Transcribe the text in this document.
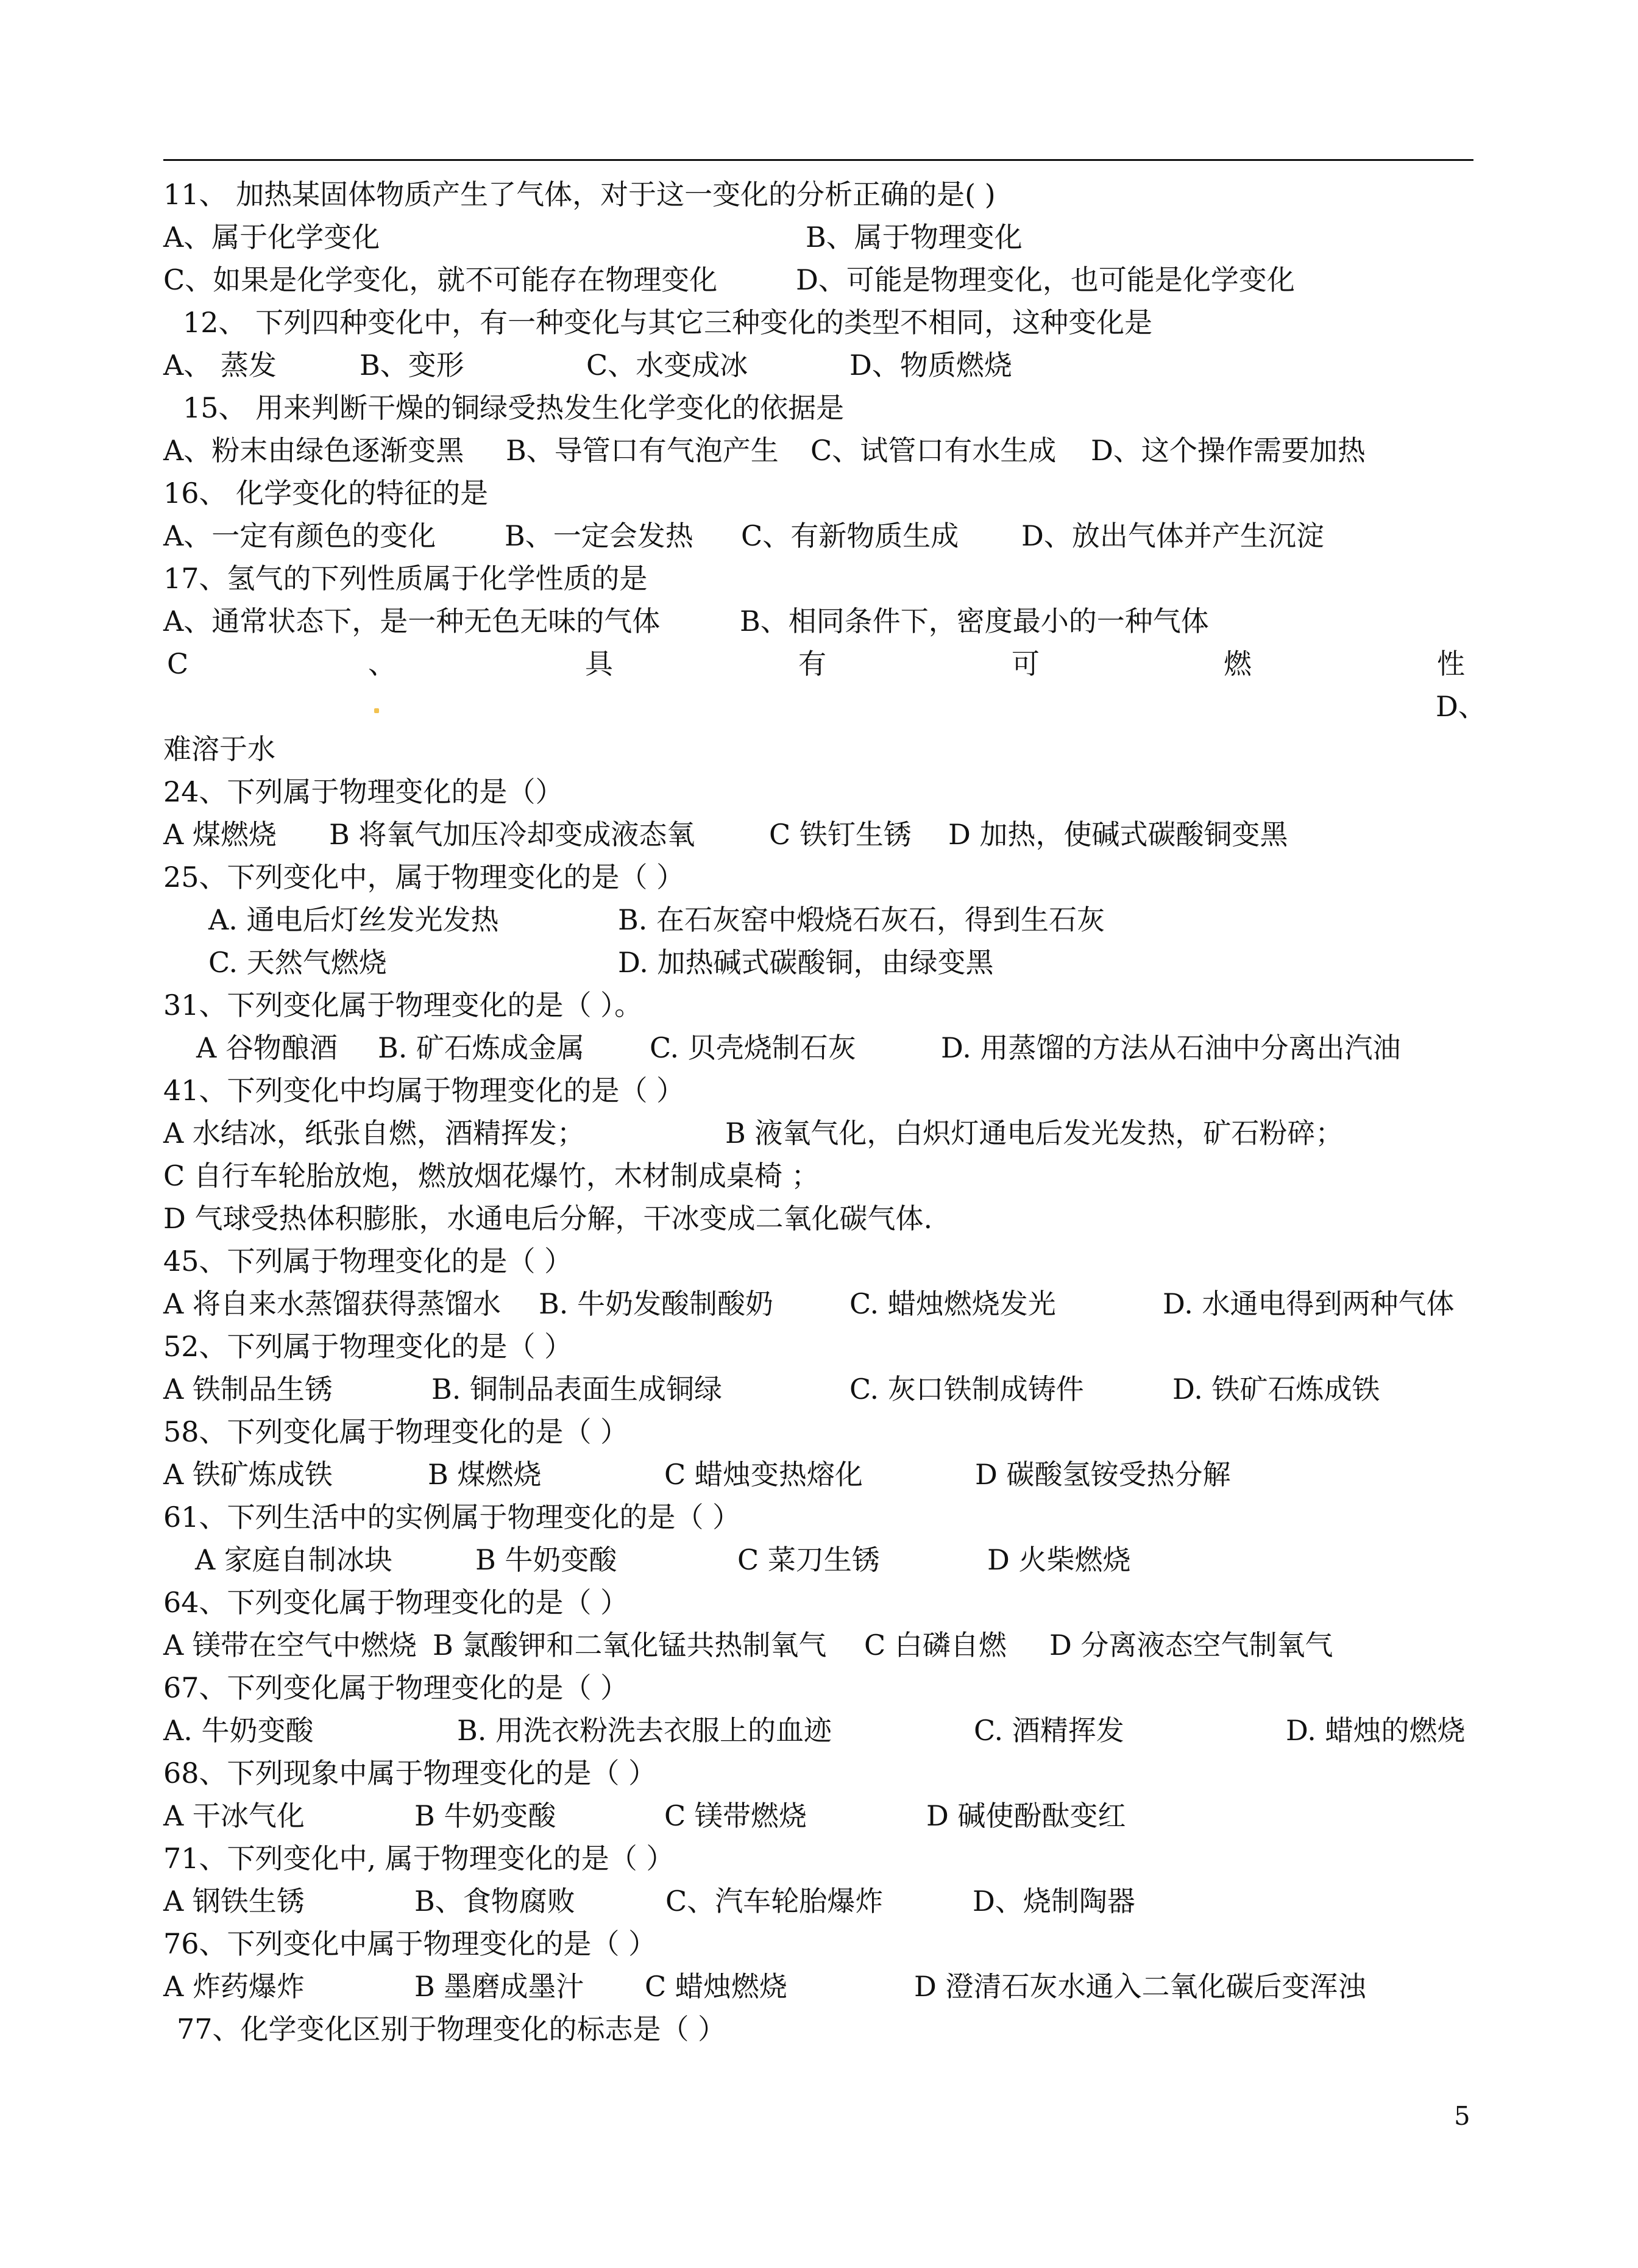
11、 加热某固体物质产生了气体，对于这一变化的分析正确的是( )
A、属于化学变化	B、属于物理变化
C、如果是化学变化，就不可能存在物理变化	D、可能是物理变化，也可能是化学变化
12、 下列四种变化中，有一种变化与其它三种变化的类型不相同，这种变化是
A、 蒸发	B、变形	C、水变成冰	D、物质燃烧
15、 用来判断干燥的铜绿受热发生化学变化的依据是
A、粉末由绿色逐渐变黑 B、导管口有气泡产生 C、试管口有水生成 D、这个操作需要加热
16、 化学变化的特征的是
A、一定有颜色的变化 B、一定会发热 C、有新物质生成 D、放出气体并产生沉淀
17、氢气的下列性质属于化学性质的是
A、通常状态下，是一种无色无味的气体	B、相同条件下，密度最小的一种气体
C	、	具	有	可	燃	性
D、
难溶于水
24、下列属于物理变化的是（）
A 煤燃烧 B 将氧气加压冷却变成液态氧	C 铁钉生锈 D 加热，使碱式碳酸铜变黑
25、下列变化中，属于物理变化的是（ ）
A. 通电后灯丝发光发热	B. 在石灰窑中煅烧石灰石，得到生石灰
C. 天然气燃烧	D. 加热碱式碳酸铜，由绿变黑
31、下列变化属于物理变化的是（ ）。
A 谷物酿酒 B. 矿石炼成金属 C. 贝壳烧制石灰	D. 用蒸馏的方法从石油中分离出汽油
41、下列变化中均属于物理变化的是（ ）
A 水结冰，纸张自燃，酒精挥发；	B 液氧气化，白炽灯通电后发光发热，矿石粉碎；
C 自行车轮胎放炮，燃放烟花爆竹，木材制成桌椅 ；
D 气球受热体积膨胀，水通电后分解，干冰变成二氧化碳气体.
45、下列属于物理变化的是（ ）
A 将自来水蒸馏获得蒸馏水 B. 牛奶发酸制酸奶	C. 蜡烛燃烧发光	D. 水通电得到两种气体
52、下列属于物理变化的是（ ）
A 铁制品生锈	B. 铜制品表面生成铜绿	C. 灰口铁制成铸件	D. 铁矿石炼成铁
58、下列变化属于物理变化的是（ ）
A 铁矿炼成铁	B 煤燃烧	C 蜡烛变热熔化	D 碳酸氢铵受热分解
61、下列生活中的实例属于物理变化的是（ ）
A 家庭自制冰块	B 牛奶变酸	C 菜刀生锈	D 火柴燃烧
64、下列变化属于物理变化的是（ ）
A 镁带在空气中燃烧 B 氯酸钾和二氧化锰共热制氧气 C 白磷自燃 D 分离液态空气制氧气
67、下列变化属于物理变化的是（ ）
A. 牛奶变酸	B. 用洗衣粉洗去衣服上的血迹	C. 酒精挥发	D. 蜡烛的燃烧
68、下列现象中属于物理变化的是（ ）
A 干冰气化	B 牛奶变酸	C 镁带燃烧	D 碱使酚酞变红
71、下列变化中, 属于物理变化的是（ ）
A 钢铁生锈	B、食物腐败	C、汽车轮胎爆炸	D、烧制陶器
76、下列变化中属于物理变化的是（ ）
A 炸药爆炸	B 墨磨成墨汁 C 蜡烛燃烧	D 澄清石灰水通入二氧化碳后变浑浊
77、化学变化区别于物理变化的标志是（ ）
5
